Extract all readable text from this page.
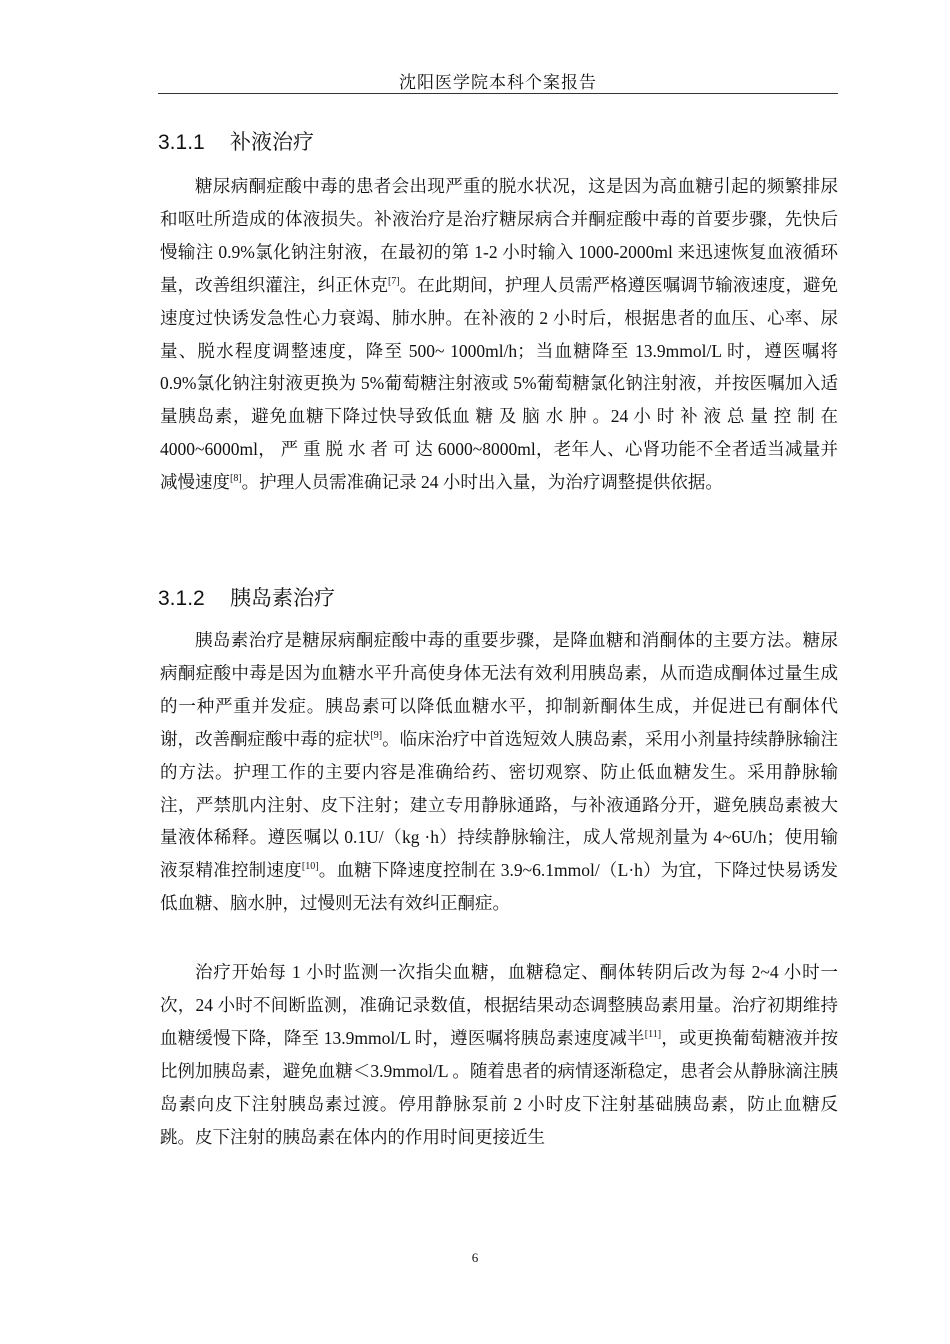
沈阳医学院本科个案报告
3.1.1 补液治疗

糖尿病酮症酸中毒的患者会出现严重的脱水状况，这是因为高血糖引起的频繁排尿和呕吐所造成的体液损失。补液治疗是治疗糖尿病合并酮症酸中毒的首要步骤，先快后慢输注 0.9%氯化钠注射液，在最初的第 1-2 小时输入 1000-2000ml 来迅速恢复血液循环量，改善组织灌注，纠正休克[7]。在此期间，护理人员需严格遵医嘱调节输液速度，避免速度过快诱发急性心力衰竭、肺水肿。在补液的 2 小时后，根据患者的血压、心率、尿量、脱水程度调整速度，降至 500~ 1000ml/h；当血糖降至 13.9mmol/L 时，遵医嘱将 0.9%氯化钠注射液更换为 5%葡萄糖注射液或 5%葡萄糖氯化钠注射液，并按医嘱加入适量胰岛素，避免血糖下降过快导致低血 糖 及 脑 水 肿 。24 小 时 补 液 总 量 控 制 在 4000~6000ml， 严 重 脱 水 者 可 达 6000~8000ml，老年人、心肾功能不全者适当减量并减慢速度[8]。护理人员需准确记录 24 小时出入量，为治疗调整提供依据。

3.1.2 胰岛素治疗

胰岛素治疗是糖尿病酮症酸中毒的重要步骤，是降血糖和消酮体的主要方法。糖尿病酮症酸中毒是因为血糖水平升高使身体无法有效利用胰岛素，从而造成酮体过量生成的一种严重并发症。胰岛素可以降低血糖水平，抑制新酮体生成，并促进已有酮体代谢，改善酮症酸中毒的症状[9]。临床治疗中首选短效人胰岛素，采用小剂量持续静脉输注的方法。护理工作的主要内容是准确给药、密切观察、防止低血糖发生。采用静脉输注，严禁肌内注射、皮下注射；建立专用静脉通路，与补液通路分开，避免胰岛素被大量液体稀释。遵医嘱以 0.1U/（kg ·h）持续静脉输注，成人常规剂量为 4~6U/h；使用输液泵精准控制速度[10]。血糖下降速度控制在 3.9~6.1mmol/（L·h）为宜，下降过快易诱发低血糖、脑水肿，过慢则无法有效纠正酮症。

治疗开始每 1 小时监测一次指尖血糖，血糖稳定、酮体转阴后改为每 2~4 小时一次，24 小时不间断监测，准确记录数值，根据结果动态调整胰岛素用量。治疗初期维持血糖缓慢下降，降至 13.9mmol/L 时，遵医嘱将胰岛素速度减半[11]，或更换葡萄糖液并按比例加胰岛素，避免血糖＜3.9mmol/L 。随着患者的病情逐渐稳定，患者会从静脉滴注胰岛素向皮下注射胰岛素过渡。停用静脉泵前 2 小时皮下注射基础胰岛素，防止血糖反跳。皮下注射的胰岛素在体内的作用时间更接近生

6
